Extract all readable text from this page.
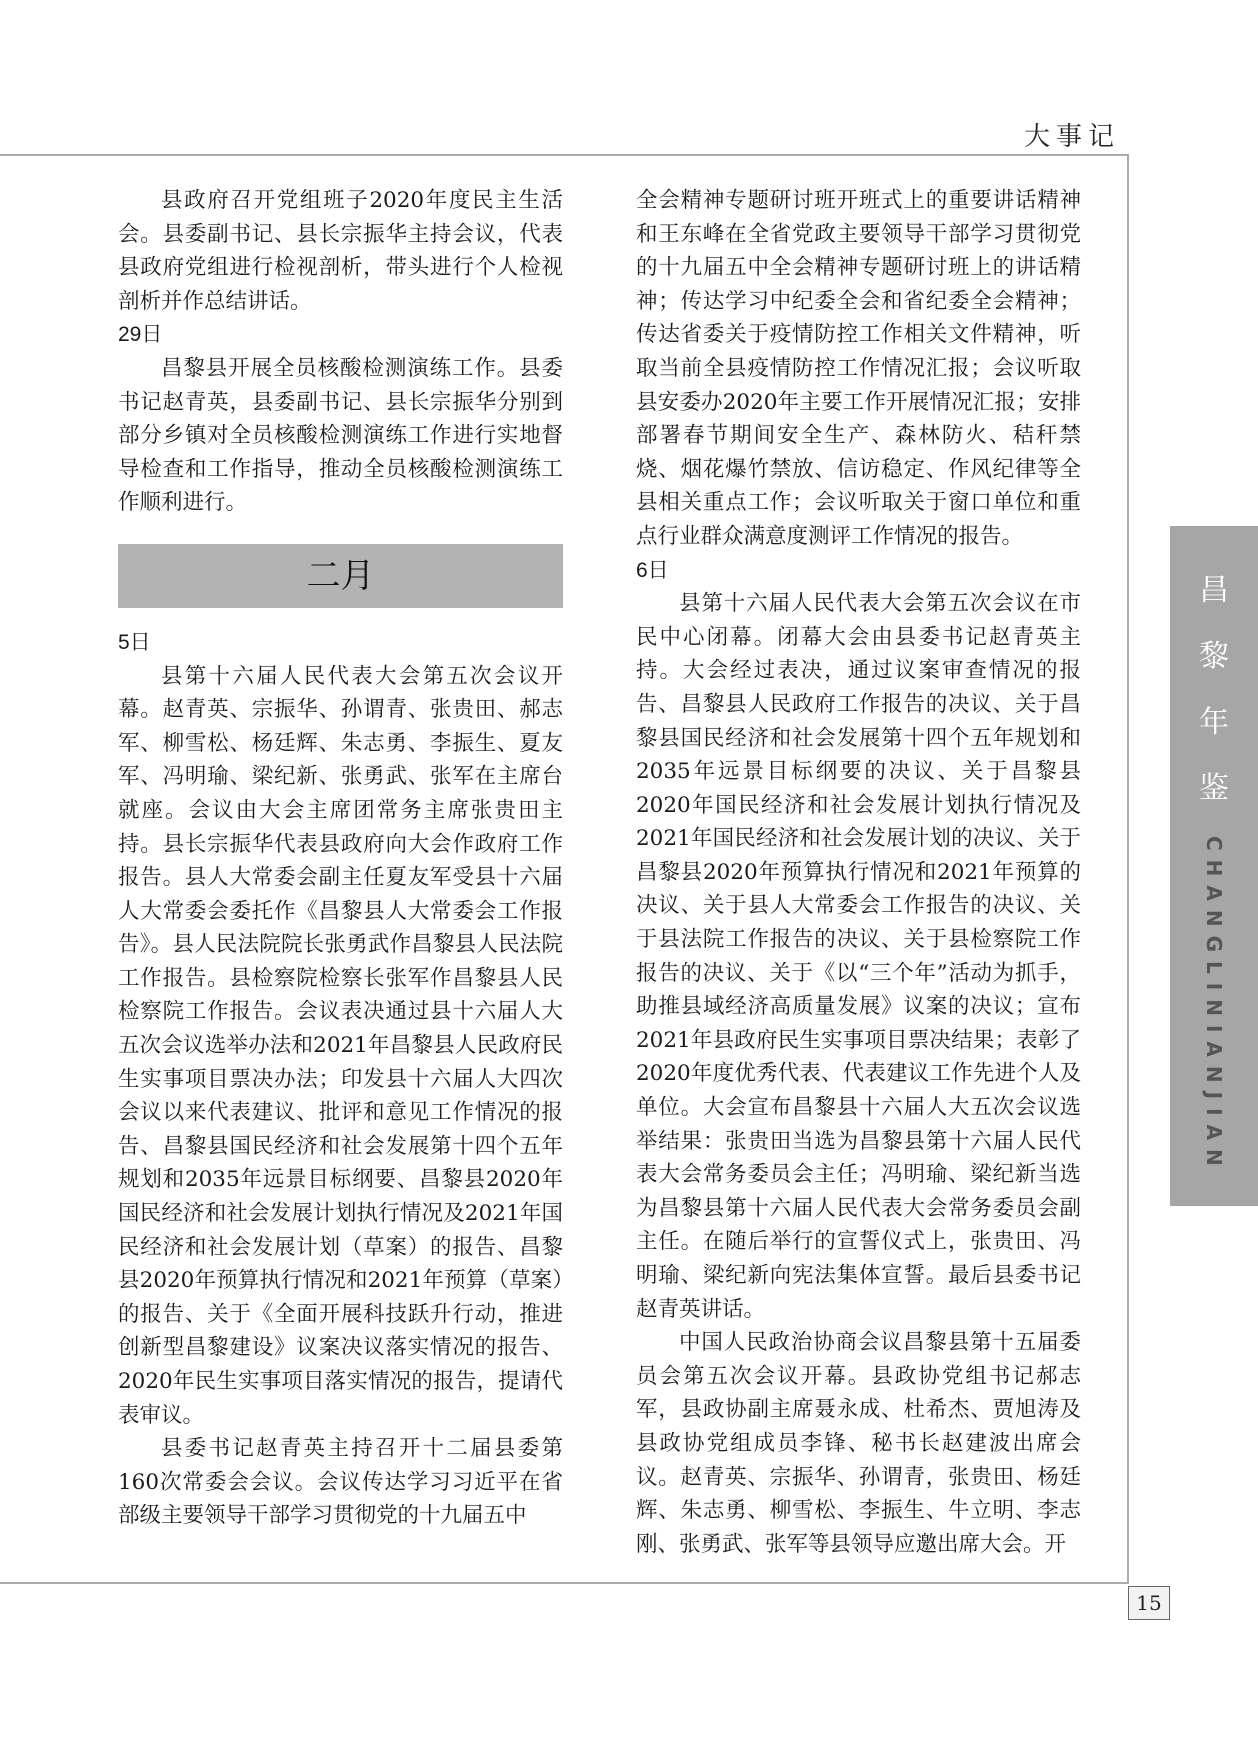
大事记

县政府召开党组班子2020年度民主生活会。县委副书记、县长宗振华主持会议，代表县政府党组进行检视剖析，带头进行个人检视剖析并作总结讲话。

29日

昌黎县开展全员核酸检测演练工作。县委书记赵青英，县委副书记、县长宗振华分别到部分乡镇对全员核酸检测演练工作进行实地督导检查和工作指导，推动全员核酸检测演练工作顺利进行。

二月
5日

县第十六届人民代表大会第五次会议开幕。赵青英、宗振华、孙谓青、张贵田、郝志军、柳雪松、杨廷辉、朱志勇、李振生、夏友军、冯明瑜、梁纪新、张勇武、张军在主席台就座。会议由大会主席团常务主席张贵田主持。县长宗振华代表县政府向大会作政府工作报告。县人大常委会副主任夏友军受县十六届人大常委会委托作《昌黎县人大常委会工作报告》。县人民法院院长张勇武作昌黎县人民法院工作报告。县检察院检察长张军作昌黎县人民检察院工作报告。会议表决通过县十六届人大五次会议选举办法和2021年昌黎县人民政府民生实事项目票决办法；印发县十六届人大四次会议以来代表建议、批评和意见工作情况的报告、昌黎县国民经济和社会发展第十四个五年规划和2035年远景目标纲要、昌黎县2020年国民经济和社会发展计划执行情况及2021年国民经济和社会发展计划（草案）的报告、昌黎县2020年预算执行情况和2021年预算（草案）的报告、关于《全面开展科技跃升行动，推进创新型昌黎建设》议案决议落实情况的报告、2020年民生实事项目落实情况的报告，提请代表审议。

县委书记赵青英主持召开十二届县委第160次常委会会议。会议传达学习习近平在省部级主要领导干部学习贯彻党的十九届五中

全会精神专题研讨班开班式上的重要讲话精神和王东峰在全省党政主要领导干部学习贯彻党的十九届五中全会精神专题研讨班上的讲话精神；传达学习中纪委全会和省纪委全会精神；传达省委关于疫情防控工作相关文件精神，听取当前全县疫情防控工作情况汇报；会议听取县安委办2020年主要工作开展情况汇报；安排部署春节期间安全生产、森林防火、秸秆禁烧、烟花爆竹禁放、信访稳定、作风纪律等全县相关重点工作；会议听取关于窗口单位和重点行业群众满意度测评工作情况的报告。

6日

县第十六届人民代表大会第五次会议在市民中心闭幕。闭幕大会由县委书记赵青英主持。大会经过表决，通过议案审查情况的报告、昌黎县人民政府工作报告的决议、关于昌黎县国民经济和社会发展第十四个五年规划和2035年远景目标纲要的决议、关于昌黎县2020年国民经济和社会发展计划执行情况及2021年国民经济和社会发展计划的决议、关于昌黎县2020年预算执行情况和2021年预算的决议、关于县人大常委会工作报告的决议、关于县法院工作报告的决议、关于县检察院工作报告的决议、关于《以“三个年”活动为抓手，助推县域经济高质量发展》议案的决议；宣布2021年县政府民生实事项目票决结果；表彰了2020年度优秀代表、代表建议工作先进个人及单位。大会宣布昌黎县十六届人大五次会议选举结果：张贵田当选为昌黎县第十六届人民代表大会常务委员会主任；冯明瑜、梁纪新当选为昌黎县第十六届人民代表大会常务委员会副主任。在随后举行的宣誓仪式上，张贵田、冯明瑜、梁纪新向宪法集体宣誓。最后县委书记赵青英讲话。

中国人民政治协商会议昌黎县第十五届委员会第五次会议开幕。县政协党组书记郝志军，县政协副主席聂永成、杜希杰、贾旭涛及县政协党组成员李锋、秘书长赵建波出席会议。赵青英、宗振华、孙谓青，张贵田、杨廷辉、朱志勇、柳雪松、李振生、牛立明、李志刚、张勇武、张军等县领导应邀出席大会。开

昌
黎
年
鉴
CHANGLINIANJIAN
15
